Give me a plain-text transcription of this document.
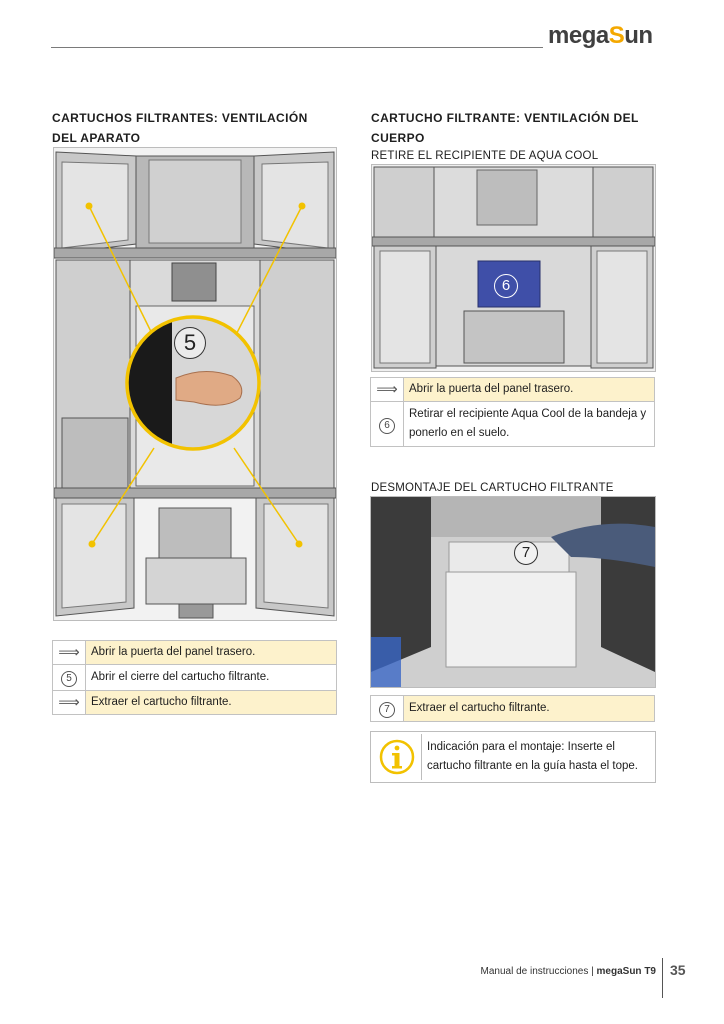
megaSun
CARTUCHOS FILTRANTES: VENTILACIÓN
DEL APARATO
5
⟹	Abrir la puerta del panel trasero.
5	Abrir el cierre del cartucho filtrante.
⟹	Extraer el cartucho filtrante.
CARTUCHO FILTRANTE: VENTILACIÓN DEL
CUERPO
RETIRE EL RECIPIENTE DE AQUA COOL
6
⟹	Abrir la puerta del panel trasero.
6	Retirar el recipiente Aqua Cool de la bandeja y ponerlo en el suelo.
DESMONTAJE DEL CARTUCHO FILTRANTE
7
7	Extraer el cartucho filtrante.
Indicación para el montaje: Inserte el cartucho filtrante en la guía hasta el tope.
Manual de instrucciones | megaSun T9 35
